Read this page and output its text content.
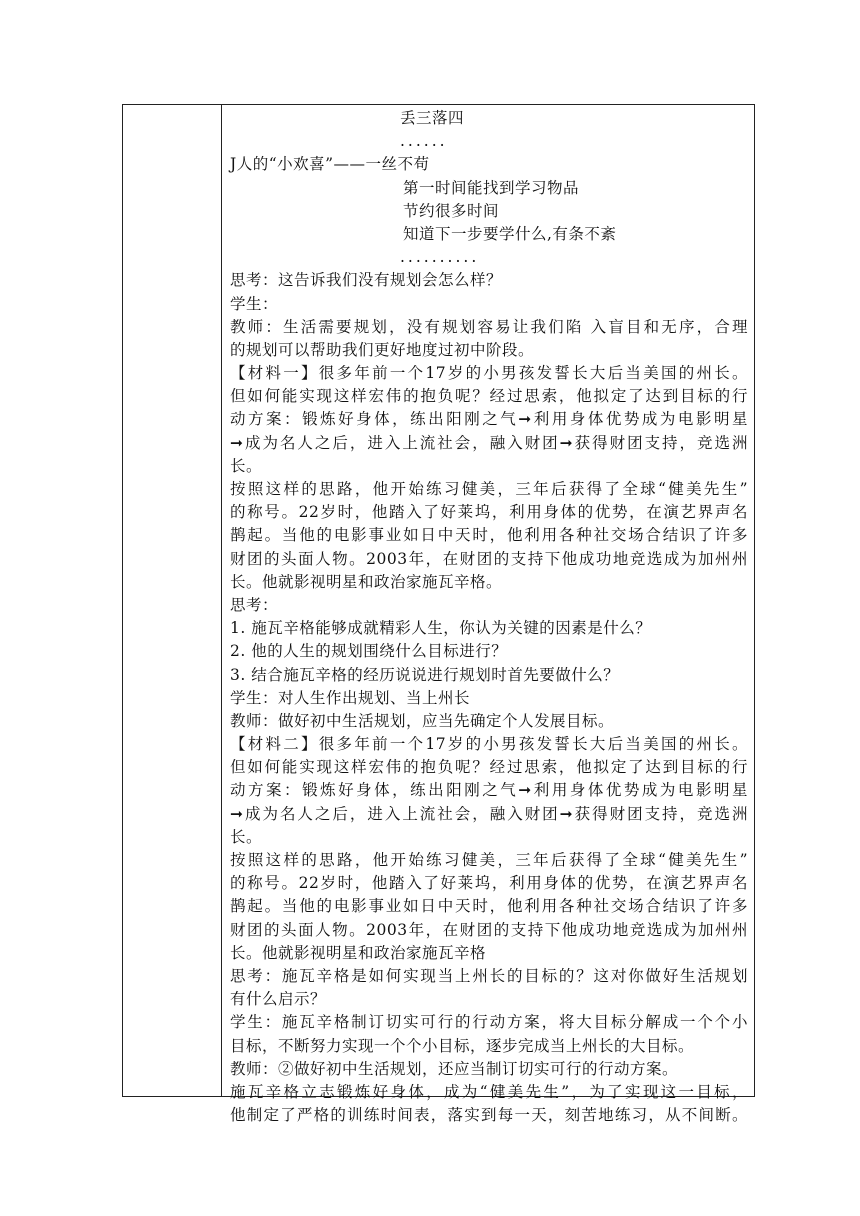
丢三落四
......
J人的“小欢喜”——一丝不苟
第一时间能找到学习物品
节约很多时间
知道下一步要学什么,有条不紊
..........
思考：这告诉我们没有规划会怎么样？
学生：
教师：生活需要规划，没有规划容易让我们陷 入盲目和无序，合理
的规划可以帮助我们更好地度过初中阶段。
【材料一】很多年前一个17岁的小男孩发誓长大后当美国的州长。
但如何能实现这样宏伟的抱负呢？经过思索，他拟定了达到目标的行
动方案：锻炼好身体，练出阳刚之气➞利用身体优势成为电影明星
➞成为名人之后，进入上流社会，融入财团➞获得财团支持，竞选洲
长。
按照这样的思路，他开始练习健美，三年后获得了全球“健美先生”
的称号。22岁时，他踏入了好莱坞，利用身体的优势，在演艺界声名
鹊起。当他的电影事业如日中天时，他利用各种社交场合结识了许多
财团的头面人物。2003年，在财团的支持下他成功地竞选成为加州州
长。他就影视明星和政治家施瓦辛格。
思考：
1. 施瓦辛格能够成就精彩人生，你认为关键的因素是什么？
2. 他的人生的规划围绕什么目标进行？
3. 结合施瓦辛格的经历说说进行规划时首先要做什么？
学生：对人生作出规划、当上州长
教师：做好初中生活规划，应当先确定个人发展目标。
【材料二】很多年前一个17岁的小男孩发誓长大后当美国的州长。
但如何能实现这样宏伟的抱负呢？经过思索，他拟定了达到目标的行
动方案：锻炼好身体，练出阳刚之气➞利用身体优势成为电影明星
➞成为名人之后，进入上流社会，融入财团➞获得财团支持，竞选洲
长。
按照这样的思路，他开始练习健美，三年后获得了全球“健美先生”
的称号。22岁时，他踏入了好莱坞，利用身体的优势，在演艺界声名
鹊起。当他的电影事业如日中天时，他利用各种社交场合结识了许多
财团的头面人物。2003年，在财团的支持下他成功地竞选成为加州州
长。他就影视明星和政治家施瓦辛格
思考：施瓦辛格是如何实现当上州长的目标的？这对你做好生活规划
有什么启示？
学生：施瓦辛格制订切实可行的行动方案，将大目标分解成一个个小
目标，不断努力实现一个个小目标，逐步完成当上州长的大目标。
教师：②做好初中生活规划，还应当制订切实可行的行动方案。
施瓦辛格立志锻炼好身体，成为“健美先生”，为了实现这一目标，
他制定了严格的训练时间表，落实到每一天，刻苦地练习，从不间断。
